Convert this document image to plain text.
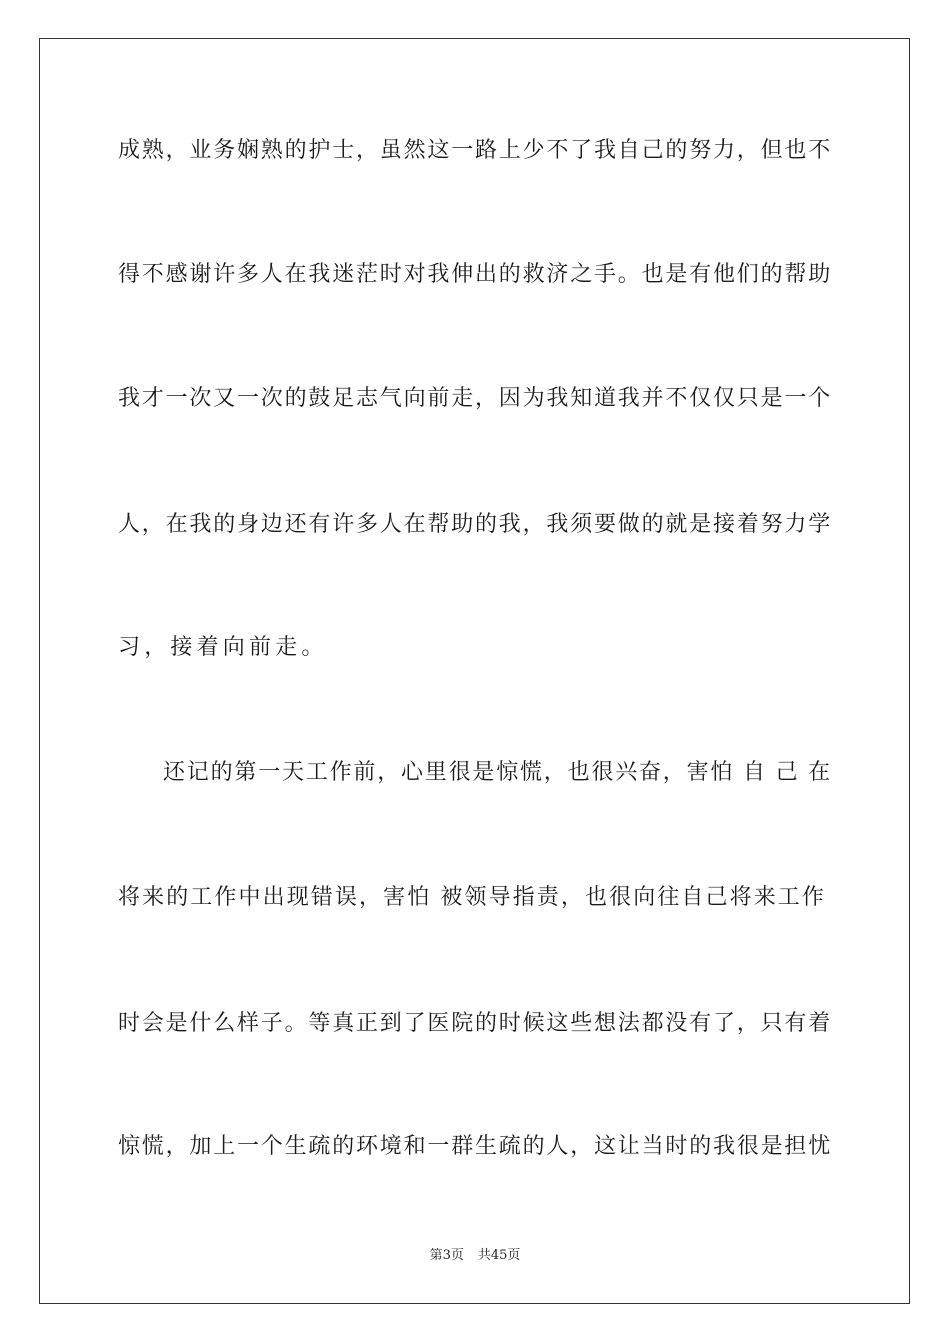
成熟，业务娴熟的护士，虽然这一路上少不了我自己的努力，但也不
得不感谢许多人在我迷茫时对我伸出的救济之手。也是有他们的帮助
我才一次又一次的鼓足志气向前走，因为我知道我并不仅仅只是一个
人，在我的身边还有许多人在帮助的我，我须要做的就是接着努力学
习，接着向前走。
还记的第一天工作前，心里很是惊慌，也很兴奋，害怕 自 己 在
将来的工作中出现错误，害怕 被领导指责，也很向往自己将来工作
时会是什么样子。等真正到了医院的时候这些想法都没有了，只有着
惊慌，加上一个生疏的环境和一群生疏的人，这让当时的我很是担忧
第3页 共45页
